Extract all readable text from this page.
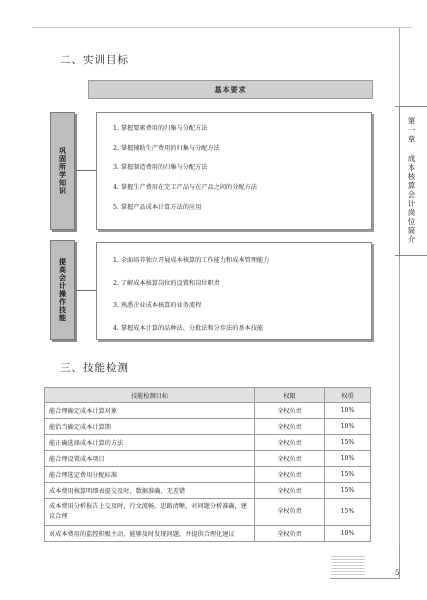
二、实训目标
基本要求
巩固所学知识
1. 掌握要素费用的归集与分配方法
2. 掌握辅助生产费用的归集与分配方法
3. 掌握制造费用的归集与分配方法
4. 掌握生产费用在完工产品与在产品之间的分配方法
5. 掌握产品成本计算方法的应用
提高会计操作技能	1. 全面培养独立开展成本核算的工作能力和成本管理能力
2. 了解成本核算岗位的设置和岗位职责
3. 熟悉企业成本核算的业务流程
4. 掌握成本计算的品种法、分批法和分步法的基本技能
三、技能检测
技能检测目标	权限	权重
能合理确定成本计算对象	全权负责	10%
能恰当确定成本计算期	全权负责	10%
能正确选择成本计算的方法	全权负责	15%
能合理设置成本项目	全权负责	10%
能合理选定费用分配标准	全权负责	15%
成本费用核算明细表提交及时，数据准确，无差错	全权负责	15%
成本费用分析报告上交及时，行文流畅，思路清晰，对问题分析准确，建议合理	全权负责	15%
对成本费用的监控积极主动，能够及时发现问题，并提供合理化建议	全权负责	10%
第一章 成本核算会计岗位简介
5
